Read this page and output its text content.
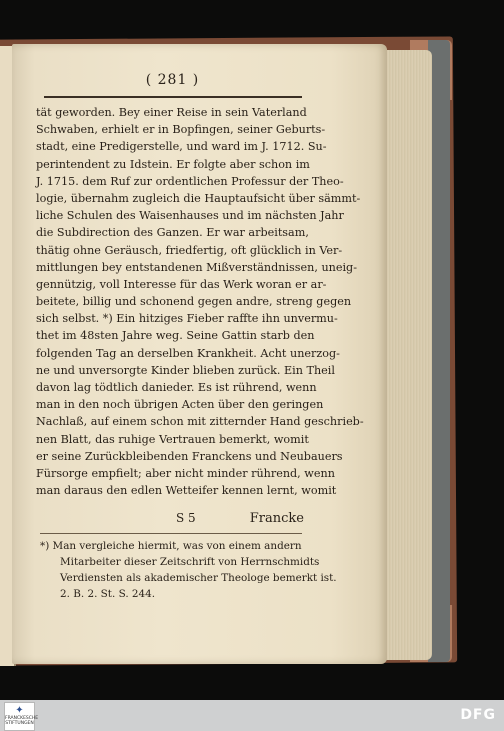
( 281 )
tät geworden. Bey einer Reise in sein Vaterland
Schwaben, erhielt er in Bopfingen, seiner Geburts-
stadt, eine Predigerstelle, und ward im J. 1712. Su-
perintendent zu Idstein. Er folgte aber schon im
J. 1715. dem Ruf zur ordentlichen Professur der Theo-
logie, übernahm zugleich die Hauptaufsicht über sämmt-
liche Schulen des Waisenhauses und im nächsten Jahr
die Subdirection des Ganzen. Er war arbeitsam,
thätig ohne Geräusch, friedfertig, oft glücklich in Ver-
mittlungen bey entstandenen Mißverständnissen, uneig-
gennützig, voll Interesse für das Werk woran er ar-
beitete, billig und schonend gegen andre, streng gegen
sich selbst. *) Ein hitziges Fieber raffte ihn unvermu-
thet im 48sten Jahre weg. Seine Gattin starb den
folgenden Tag an derselben Krankheit. Acht unerzog-
ne und unversorgte Kinder blieben zurück. Ein Theil
davon lag tödtlich danieder. Es ist rührend, wenn
man in den noch übrigen Acten über den geringen
Nachlaß, auf einem schon mit zitternder Hand geschrieb-
nen Blatt, das ruhige Vertrauen bemerkt, womit
er seine Zurückbleibenden Franckens und Neubauers
Fürsorge empfielt; aber nicht minder rührend, wenn
man daraus den edlen Wetteifer kennen lernt, womit
S 5	Francke
*) Man vergleiche hiermit, was von einem andern
Mitarbeiter dieser Zeitschrift von Herrnschmidts
Verdiensten als akademischer Theologe bemerkt ist.
2. B. 2. St. S. 244.
✦
FRANCKESCHE STIFTUNGEN
DFG
